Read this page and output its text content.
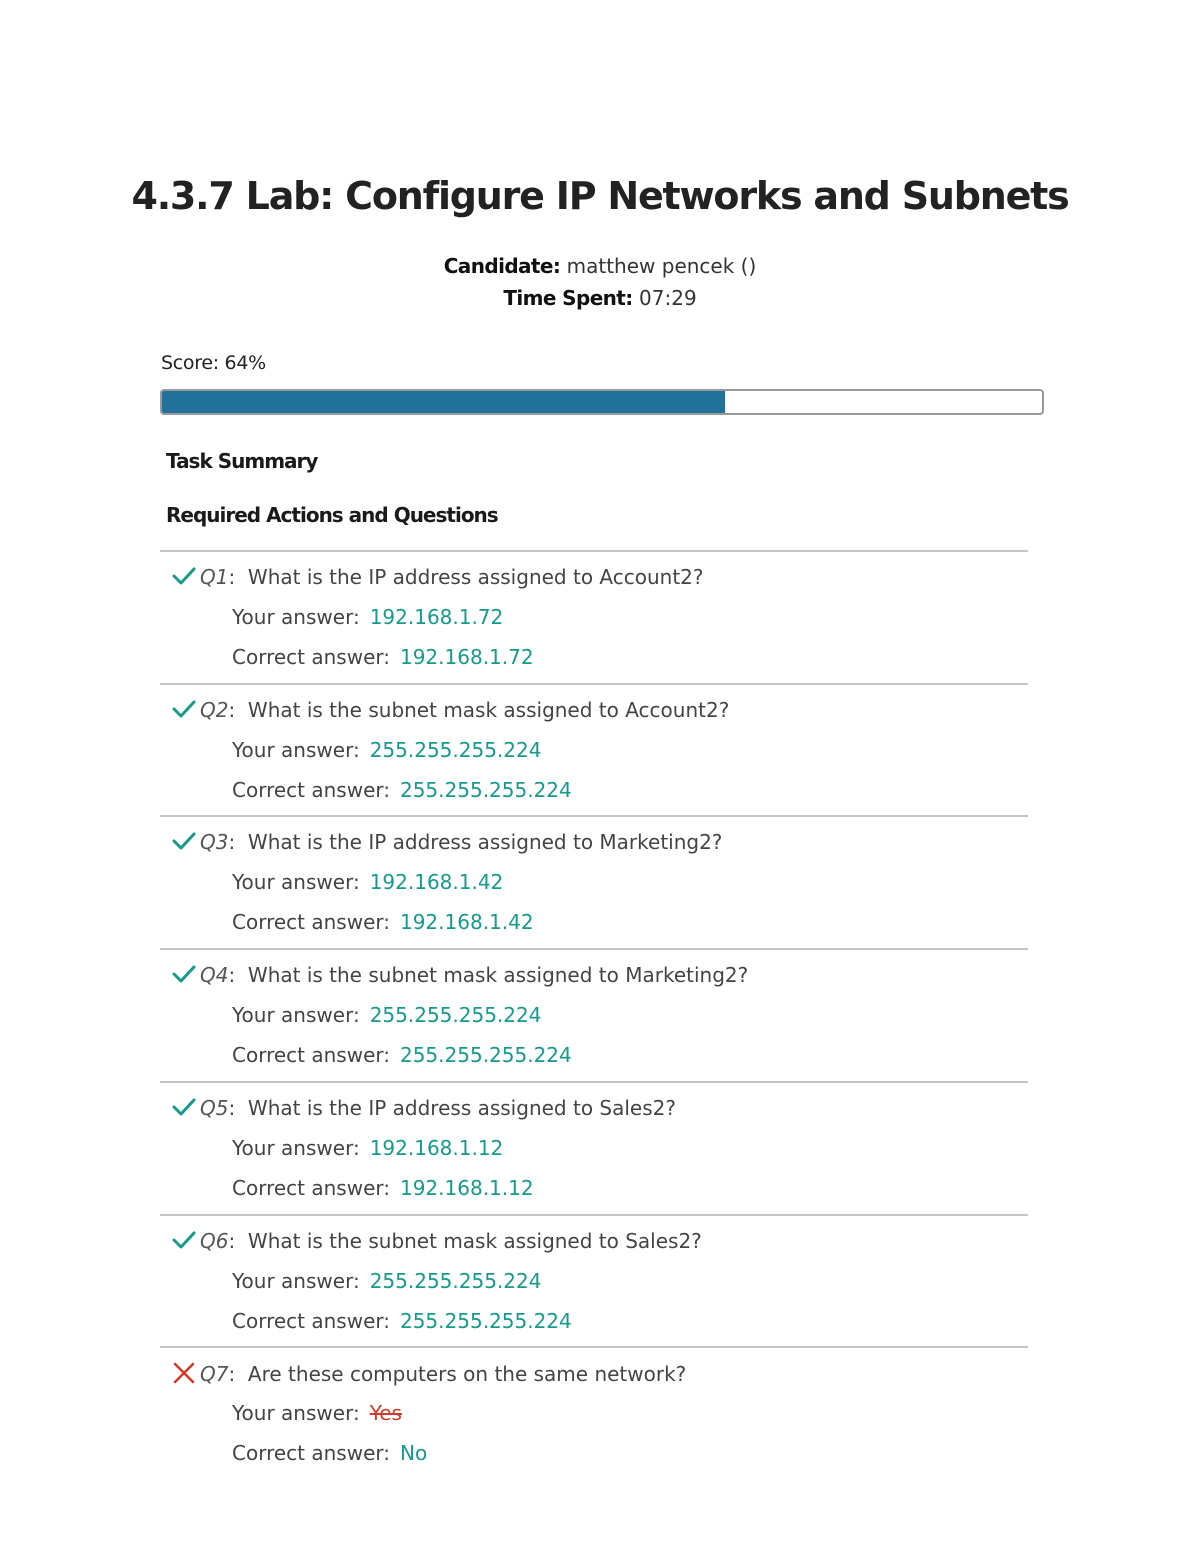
4.3.7 Lab: Configure IP Networks and Subnets
Candidate: matthew pencek ()
Time Spent: 07:29
Score: 64%
Task Summary
Required Actions and Questions
Q1:  What is the IP address assigned to Account2?
Your answer: 192.168.1.72
Correct answer: 192.168.1.72
Q2:  What is the subnet mask assigned to Account2?
Your answer: 255.255.255.224
Correct answer: 255.255.255.224
Q3:  What is the IP address assigned to Marketing2?
Your answer: 192.168.1.42
Correct answer: 192.168.1.42
Q4:  What is the subnet mask assigned to Marketing2?
Your answer: 255.255.255.224
Correct answer: 255.255.255.224
Q5:  What is the IP address assigned to Sales2?
Your answer: 192.168.1.12
Correct answer: 192.168.1.12
Q6:  What is the subnet mask assigned to Sales2?
Your answer: 255.255.255.224
Correct answer: 255.255.255.224
Q7:  Are these computers on the same network?
Your answer: Yes
Correct answer: No
